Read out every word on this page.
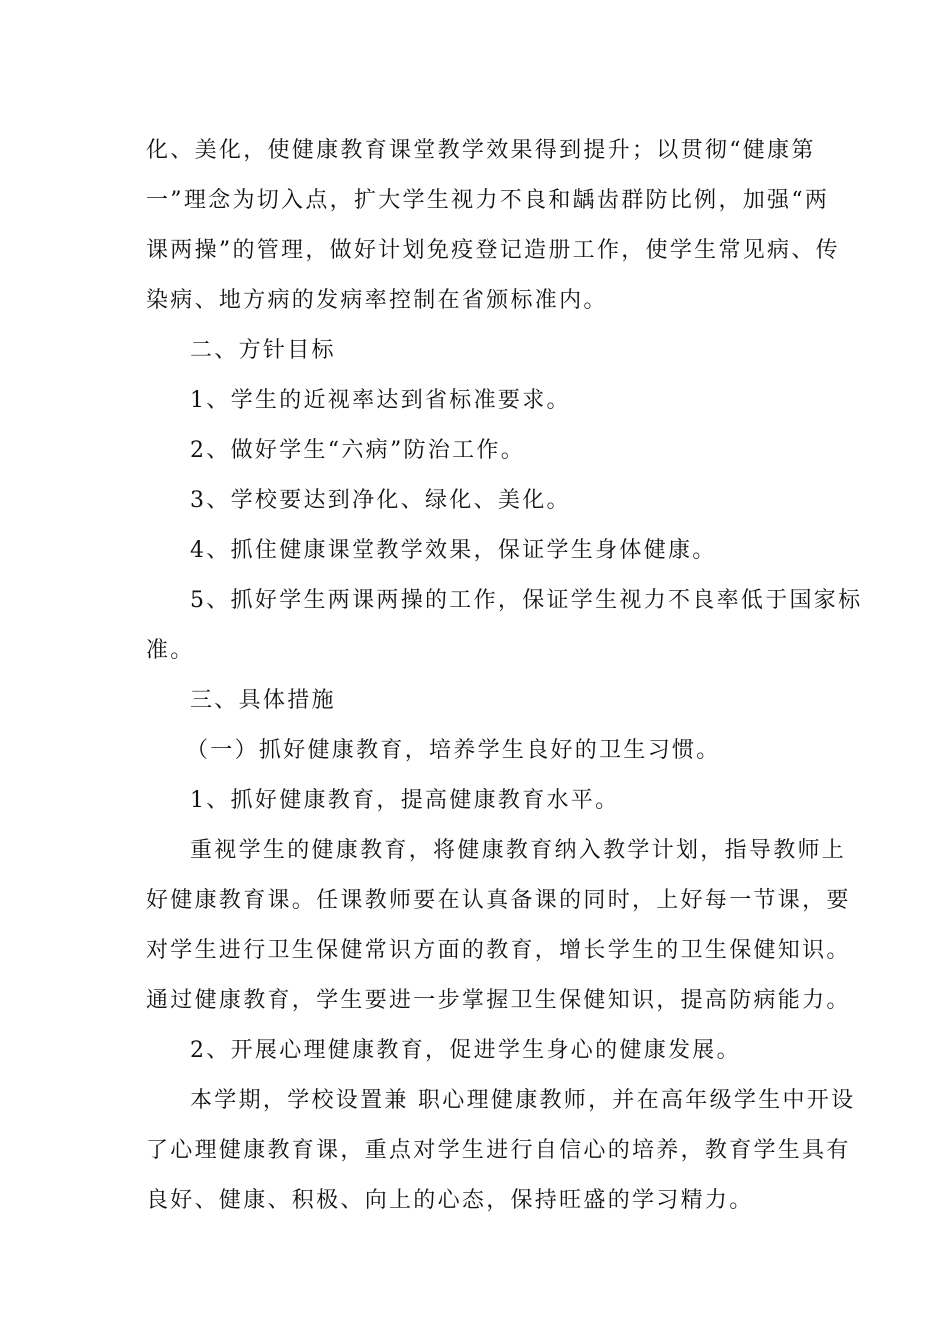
化、美化，使健康教育课堂教学效果得到提升；以贯彻“健康第
一”理念为切入点，扩大学生视力不良和龋齿群防比例，加强“两
课两操”的管理，做好计划免疫登记造册工作，使学生常见病、传
染病、地方病的发病率控制在省颁标准内。
二、方针目标
1、学生的近视率达到省标准要求。
2、做好学生“六病”防治工作。
3、学校要达到净化、绿化、美化。
4、抓住健康课堂教学效果，保证学生身体健康。
5、抓好学生两课两操的工作，保证学生视力不良率低于国家标
准。
三、具体措施
（一）抓好健康教育，培养学生良好的卫生习惯。
1、抓好健康教育，提高健康教育水平。
重视学生的健康教育，将健康教育纳入教学计划，指导教师上
好健康教育课。任课教师要在认真备课的同时，上好每一节课，要
对学生进行卫生保健常识方面的教育，增长学生的卫生保健知识。
通过健康教育，学生要进一步掌握卫生保健知识，提高防病能力。
2、开展心理健康教育，促进学生身心的健康发展。
本学期，学校设置兼 职心理健康教师，并在高年级学生中开设
了心理健康教育课，重点对学生进行自信心的培养，教育学生具有
良好、健康、积极、向上的心态，保持旺盛的学习精力。
